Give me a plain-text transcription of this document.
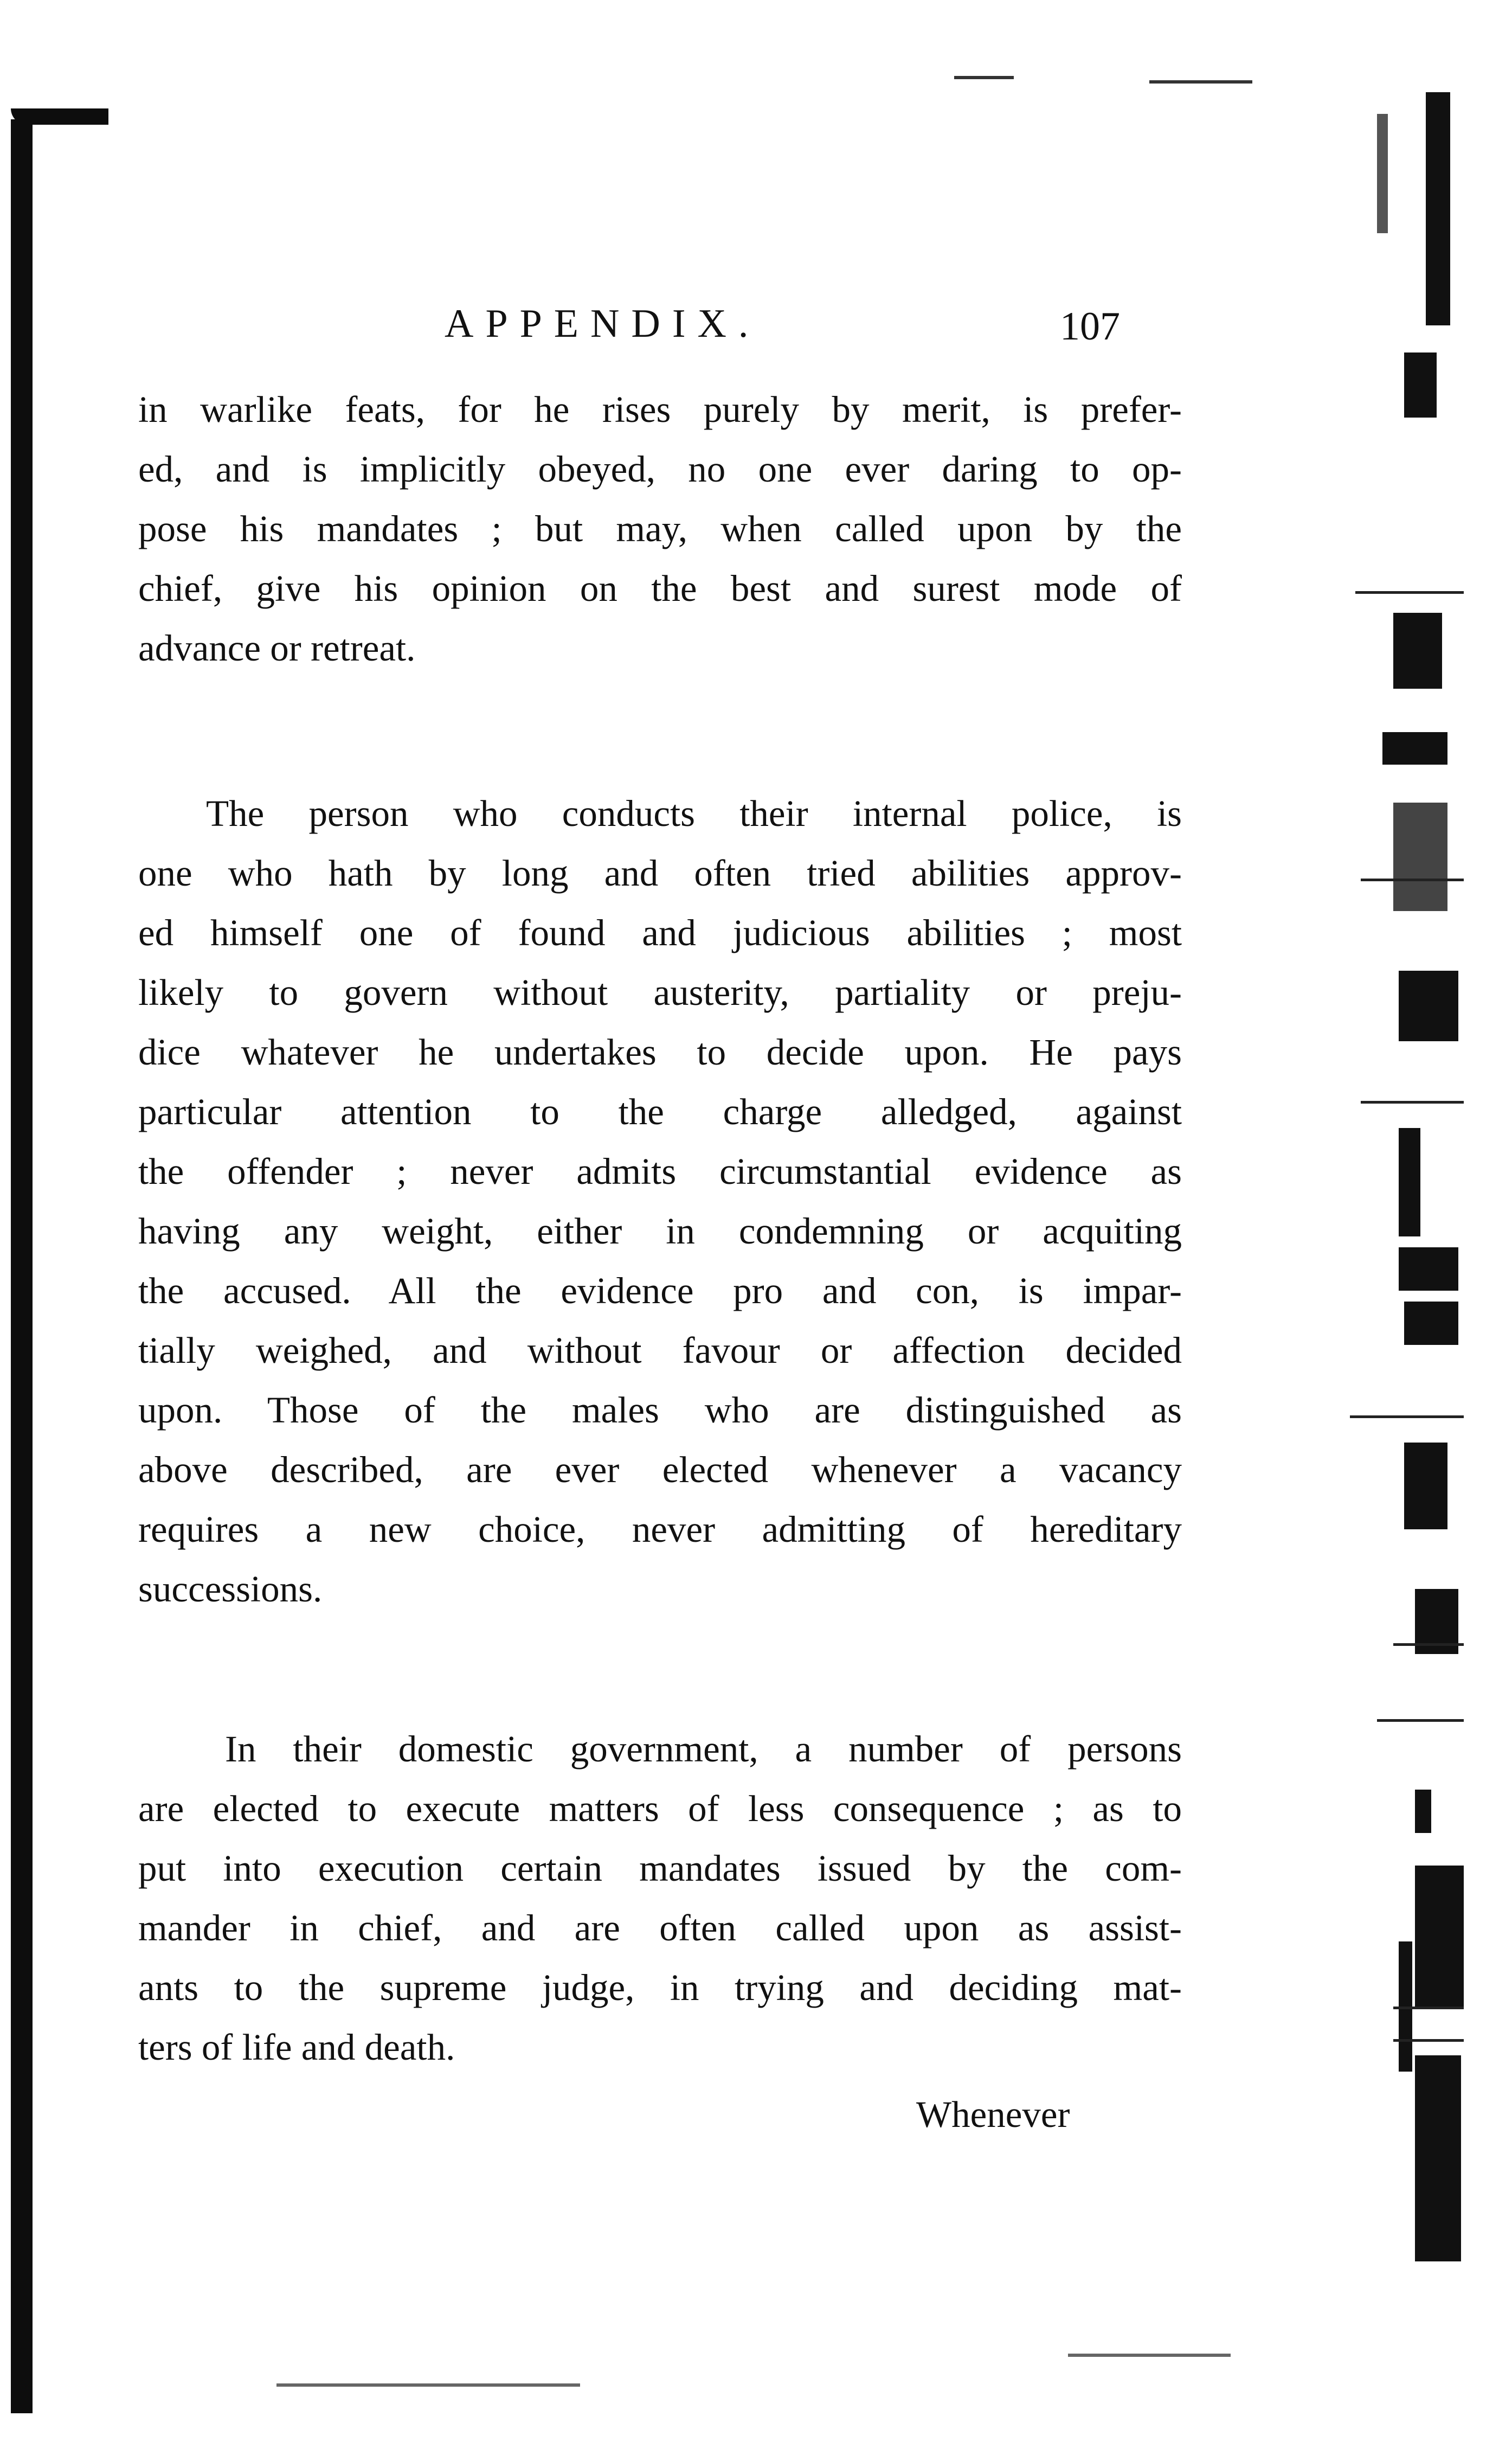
APPENDIX.	107
in warlike feats, for he rises purely by merit, is prefer-
ed, and is implicitly obeyed, no one ever daring to op-
pose his mandates ; but may, when called upon by the
chief, give his opinion on the best and surest mode of
advance or retreat.
The person who conducts their internal police, is
one who hath by long and often tried abilities approv-
ed himself one of found and judicious abilities ; most
likely to govern without austerity, partiality or preju-
dice whatever he undertakes to decide upon. He pays
particular attention to the charge alledged, against
the offender ; never admits circumstantial evidence as
having any weight, either in condemning or acquiting
the accused. All the evidence pro and con, is impar-
tially weighed, and without favour or affection decided
upon. Those of the males who are distinguished as
above described, are ever elected whenever a vacancy
requires a new choice, never admitting of hereditary
successions.
In their domestic government, a number of persons
are elected to execute matters of less consequence ; as to
put into execution certain mandates issued by the com-
mander in chief, and are often called upon as assist-
ants to the supreme judge, in trying and deciding mat-
ters of life and death.
Whenever
